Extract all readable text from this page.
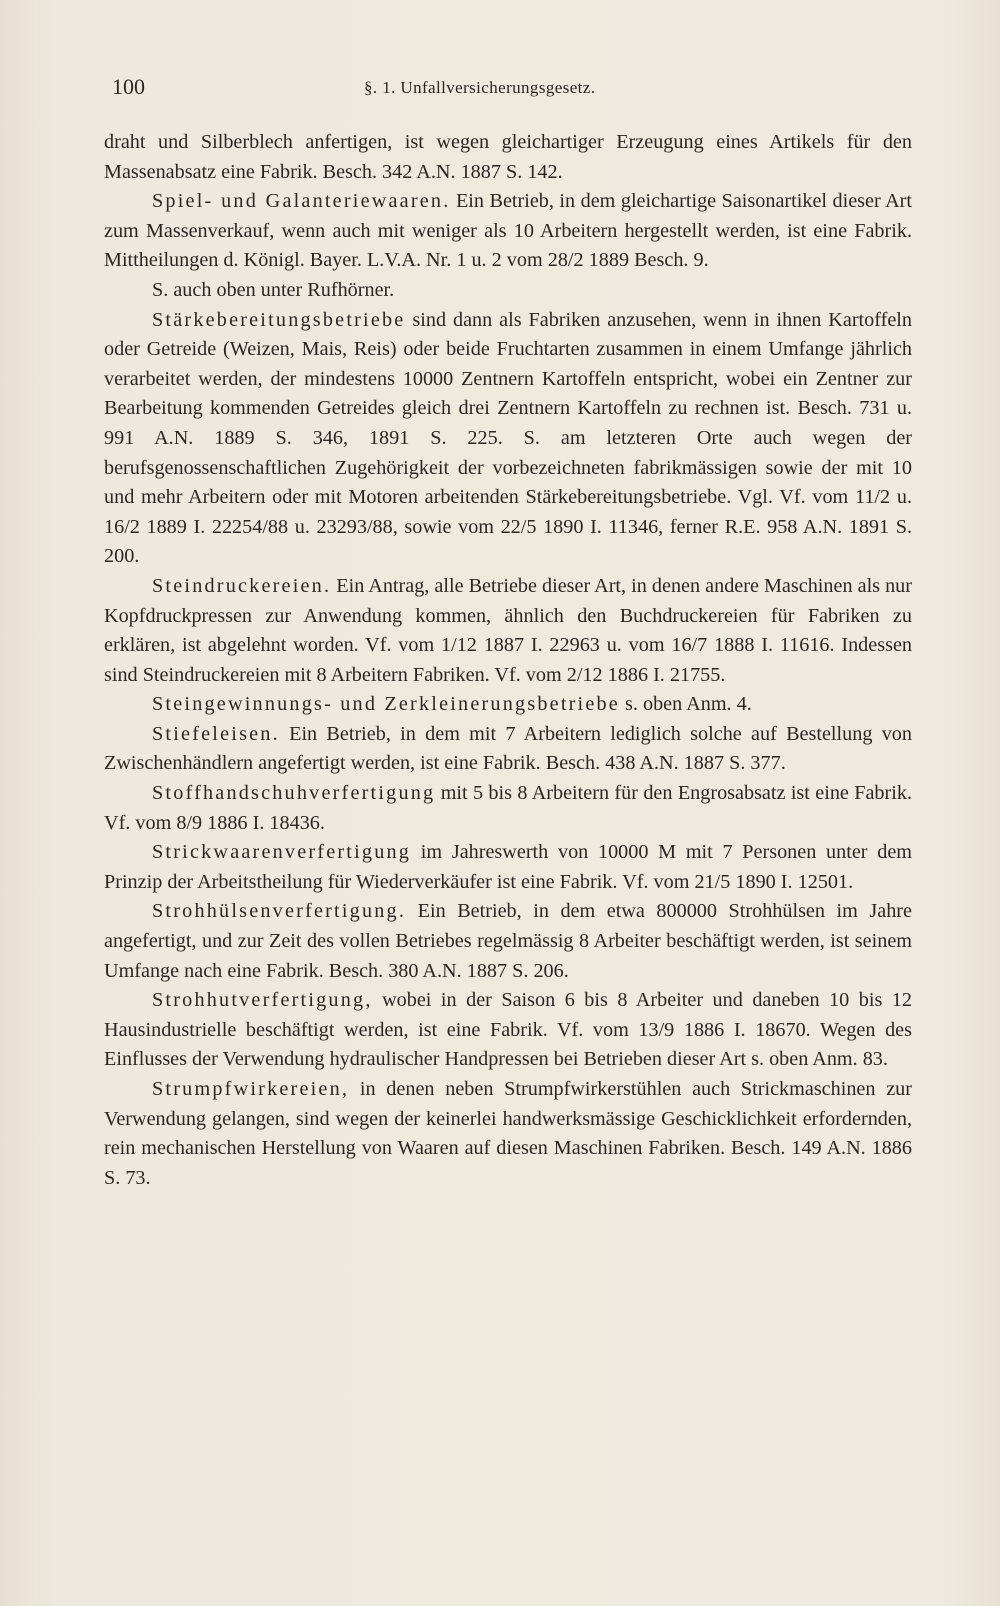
100	§. 1. Unfallversicherungsgesetz.

draht und Silberblech anfertigen, ist wegen gleichartiger Erzeugung eines Artikels für den Massenabsatz eine Fabrik. Besch. 342 A.N. 1887 S. 142.

Spiel- und Galanteriewaaren. Ein Betrieb, in dem gleichartige Saisonartikel dieser Art zum Massenverkauf, wenn auch mit weniger als 10 Arbeitern hergestellt werden, ist eine Fabrik. Mittheilungen d. Königl. Bayer. L.V.A. Nr. 1 u. 2 vom 28/2 1889 Besch. 9.

S. auch oben unter Rufhörner.

Stärkebereitungsbetriebe sind dann als Fabriken anzusehen, wenn in ihnen Kartoffeln oder Getreide (Weizen, Mais, Reis) oder beide Fruchtarten zusammen in einem Umfange jährlich verarbeitet werden, der mindestens 10000 Zentnern Kartoffeln entspricht, wobei ein Zentner zur Bearbeitung kommenden Getreides gleich drei Zentnern Kartoffeln zu rechnen ist. Besch. 731 u. 991 A.N. 1889 S. 346, 1891 S. 225. S. am letzteren Orte auch wegen der berufsgenossenschaftlichen Zugehörigkeit der vorbezeichneten fabrikmässigen sowie der mit 10 und mehr Arbeitern oder mit Motoren arbeitenden Stärkebereitungsbetriebe. Vgl. Vf. vom 11/2 u. 16/2 1889 I. 22254/88 u. 23293/88, sowie vom 22/5 1890 I. 11346, ferner R.E. 958 A.N. 1891 S. 200.

Steindruckereien. Ein Antrag, alle Betriebe dieser Art, in denen andere Maschinen als nur Kopfdruckpressen zur Anwendung kommen, ähnlich den Buchdruckereien für Fabriken zu erklären, ist abgelehnt worden. Vf. vom 1/12 1887 I. 22963 u. vom 16/7 1888 I. 11616. Indessen sind Steindruckereien mit 8 Arbeitern Fabriken. Vf. vom 2/12 1886 I. 21755.

Steingewinnungs- und Zerkleinerungsbetriebe s. oben Anm. 4.

Stiefeleisen. Ein Betrieb, in dem mit 7 Arbeitern lediglich solche auf Bestellung von Zwischenhändlern angefertigt werden, ist eine Fabrik. Besch. 438 A.N. 1887 S. 377.

Stoffhandschuhverfertigung mit 5 bis 8 Arbeitern für den Engrosabsatz ist eine Fabrik. Vf. vom 8/9 1886 I. 18436.

Strickwaarenverfertigung im Jahreswerth von 10000 M mit 7 Personen unter dem Prinzip der Arbeitstheilung für Wiederverkäufer ist eine Fabrik. Vf. vom 21/5 1890 I. 12501.

Strohhülsenverfertigung. Ein Betrieb, in dem etwa 800000 Strohhülsen im Jahre angefertigt, und zur Zeit des vollen Betriebes regelmässig 8 Arbeiter beschäftigt werden, ist seinem Umfange nach eine Fabrik. Besch. 380 A.N. 1887 S. 206.

Strohhutverfertigung, wobei in der Saison 6 bis 8 Arbeiter und daneben 10 bis 12 Hausindustrielle beschäftigt werden, ist eine Fabrik. Vf. vom 13/9 1886 I. 18670. Wegen des Einflusses der Verwendung hydraulischer Handpressen bei Betrieben dieser Art s. oben Anm. 83.

Strumpfwirkereien, in denen neben Strumpfwirkerstühlen auch Strickmaschinen zur Verwendung gelangen, sind wegen der keinerlei handwerksmässige Geschicklichkeit erfordernden, rein mechanischen Herstellung von Waaren auf diesen Maschinen Fabriken. Besch. 149 A.N. 1886 S. 73.
